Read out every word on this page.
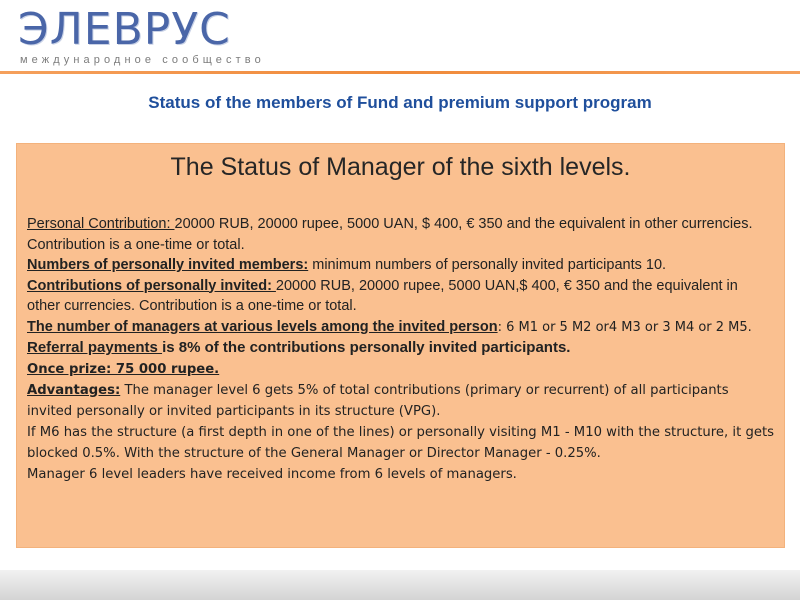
ЭЛЕВРУС
международное сообщество
Status of the members of Fund and premium support program
The Status of Manager of the sixth levels.

Personal Contribution: 20000 RUB, 20000 rupee, 5000 UAN, $ 400, € 350 and the equivalent in other currencies. Contribution is a one-time or total.

Numbers of personally invited members: minimum numbers of personally invited participants 10.

Contributions of personally invited: 20000 RUB, 20000 rupee, 5000 UAN,$ 400, € 350 and the equivalent in other currencies. Contribution is a one-time or total.

The number of managers at various levels among the invited person: 6 M1 or 5 M2 or4 M3 or 3 M4 or 2 M5.

Referral payments is 8% of the contributions personally invited participants.

Once prize: 75 000 rupee.

Advantages: The manager level 6 gets 5% of total contributions (primary or recurrent) of all participants invited personally or invited participants in its structure (VPG).

If M6 has the structure (a first depth in one of the lines) or personally visiting M1 - M10 with the structure, it gets blocked 0.5%. With the structure of the General Manager or Director Manager - 0.25%.

Manager 6 level leaders have received income from 6 levels of managers.
